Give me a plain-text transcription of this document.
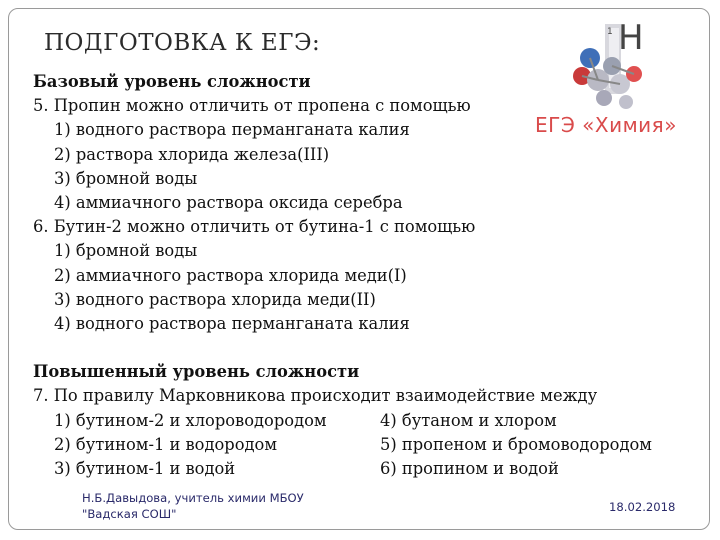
ПОДГОТОВКА К ЕГЭ:	1 H
ЕГЭ «Химия»
Базовый уровень сложности
5. Пропин можно отличить от пропена с помощью
1) водного раствора перманганата калия
2) раствора хлорида железа(III)
3) бромной воды
4) аммиачного раствора оксида серебра
6. Бутин-2 можно отличить от бутина-1 с помощью
1) бромной воды
2) аммиачного раствора хлорида меди(I)
3) водного раствора хлорида меди(II)
4) водного раствора перманганата калия
Повышенный уровень сложности
7. По правилу Марковникова происходит взаимодействие между
1) бутином-2 и хлороводородом	4) бутаном и хлором
2) бутином-1 и водородом	5) пропеном и бромоводородом
3) бутином-1 и водой	6) пропином и водой
Н.Б.Давыдова, учитель химии МБОУ
"Вадская СОШ"	18.02.2018
